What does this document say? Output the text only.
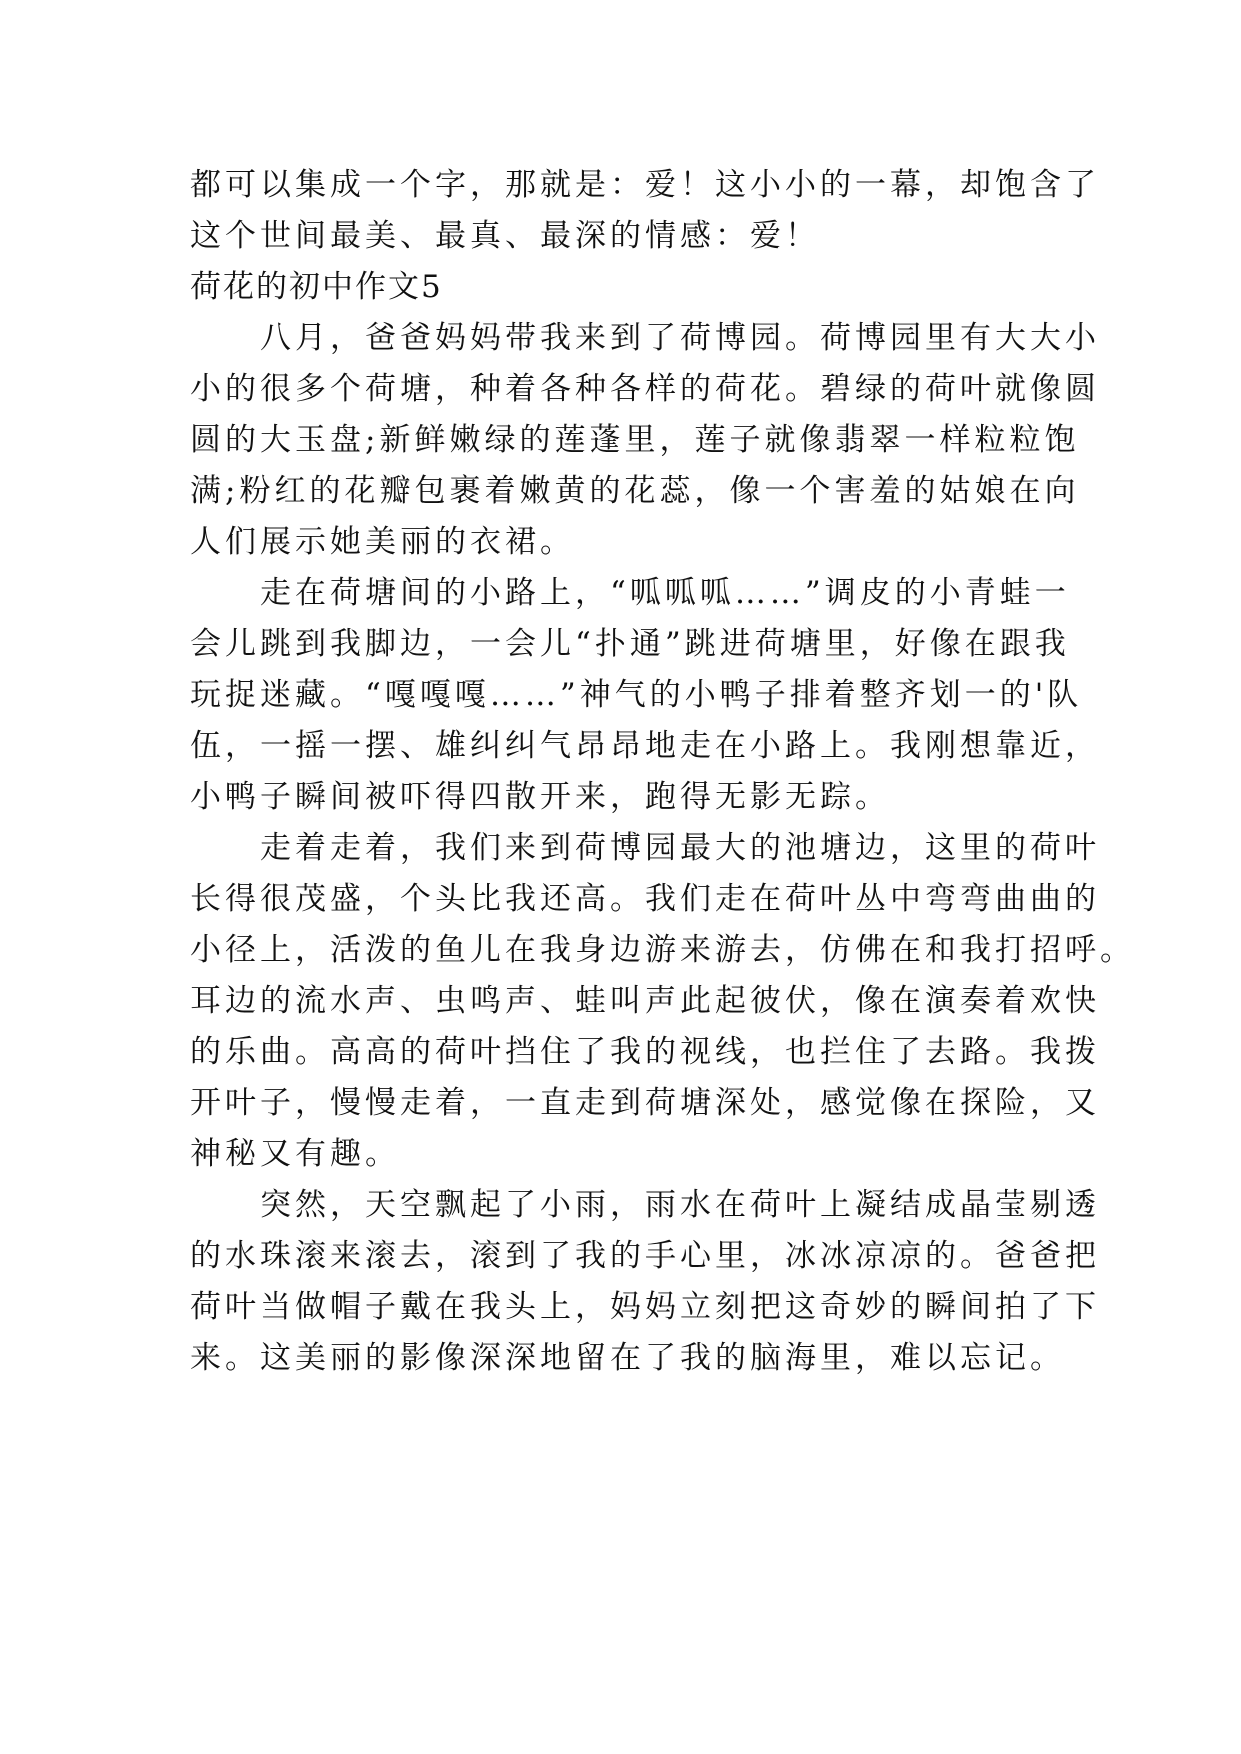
都可以集成一个字，那就是：爱！这小小的一幕，却饱含了
这个世间最美、最真、最深的情感：爱！
荷花的初中作文5
　　八月，爸爸妈妈带我来到了荷博园。荷博园里有大大小
小的很多个荷塘，种着各种各样的荷花。碧绿的荷叶就像圆
圆的大玉盘;新鲜嫩绿的莲蓬里，莲子就像翡翠一样粒粒饱
满;粉红的花瓣包裹着嫩黄的花蕊，像一个害羞的姑娘在向
人们展示她美丽的衣裙。
　　走在荷塘间的小路上，“呱呱呱……”调皮的小青蛙一
会儿跳到我脚边，一会儿“扑通”跳进荷塘里，好像在跟我
玩捉迷藏。“嘎嘎嘎……”神气的小鸭子排着整齐划一的'队
伍，一摇一摆、雄纠纠气昂昂地走在小路上。我刚想靠近，
小鸭子瞬间被吓得四散开来，跑得无影无踪。
　　走着走着，我们来到荷博园最大的池塘边，这里的荷叶
长得很茂盛，个头比我还高。我们走在荷叶丛中弯弯曲曲的
小径上，活泼的鱼儿在我身边游来游去，仿佛在和我打招呼。
耳边的流水声、虫鸣声、蛙叫声此起彼伏，像在演奏着欢快
的乐曲。高高的荷叶挡住了我的视线，也拦住了去路。我拨
开叶子，慢慢走着，一直走到荷塘深处，感觉像在探险，又
神秘又有趣。
　　突然，天空飘起了小雨，雨水在荷叶上凝结成晶莹剔透
的水珠滚来滚去，滚到了我的手心里，冰冰凉凉的。爸爸把
荷叶当做帽子戴在我头上，妈妈立刻把这奇妙的瞬间拍了下
来。这美丽的影像深深地留在了我的脑海里，难以忘记。
